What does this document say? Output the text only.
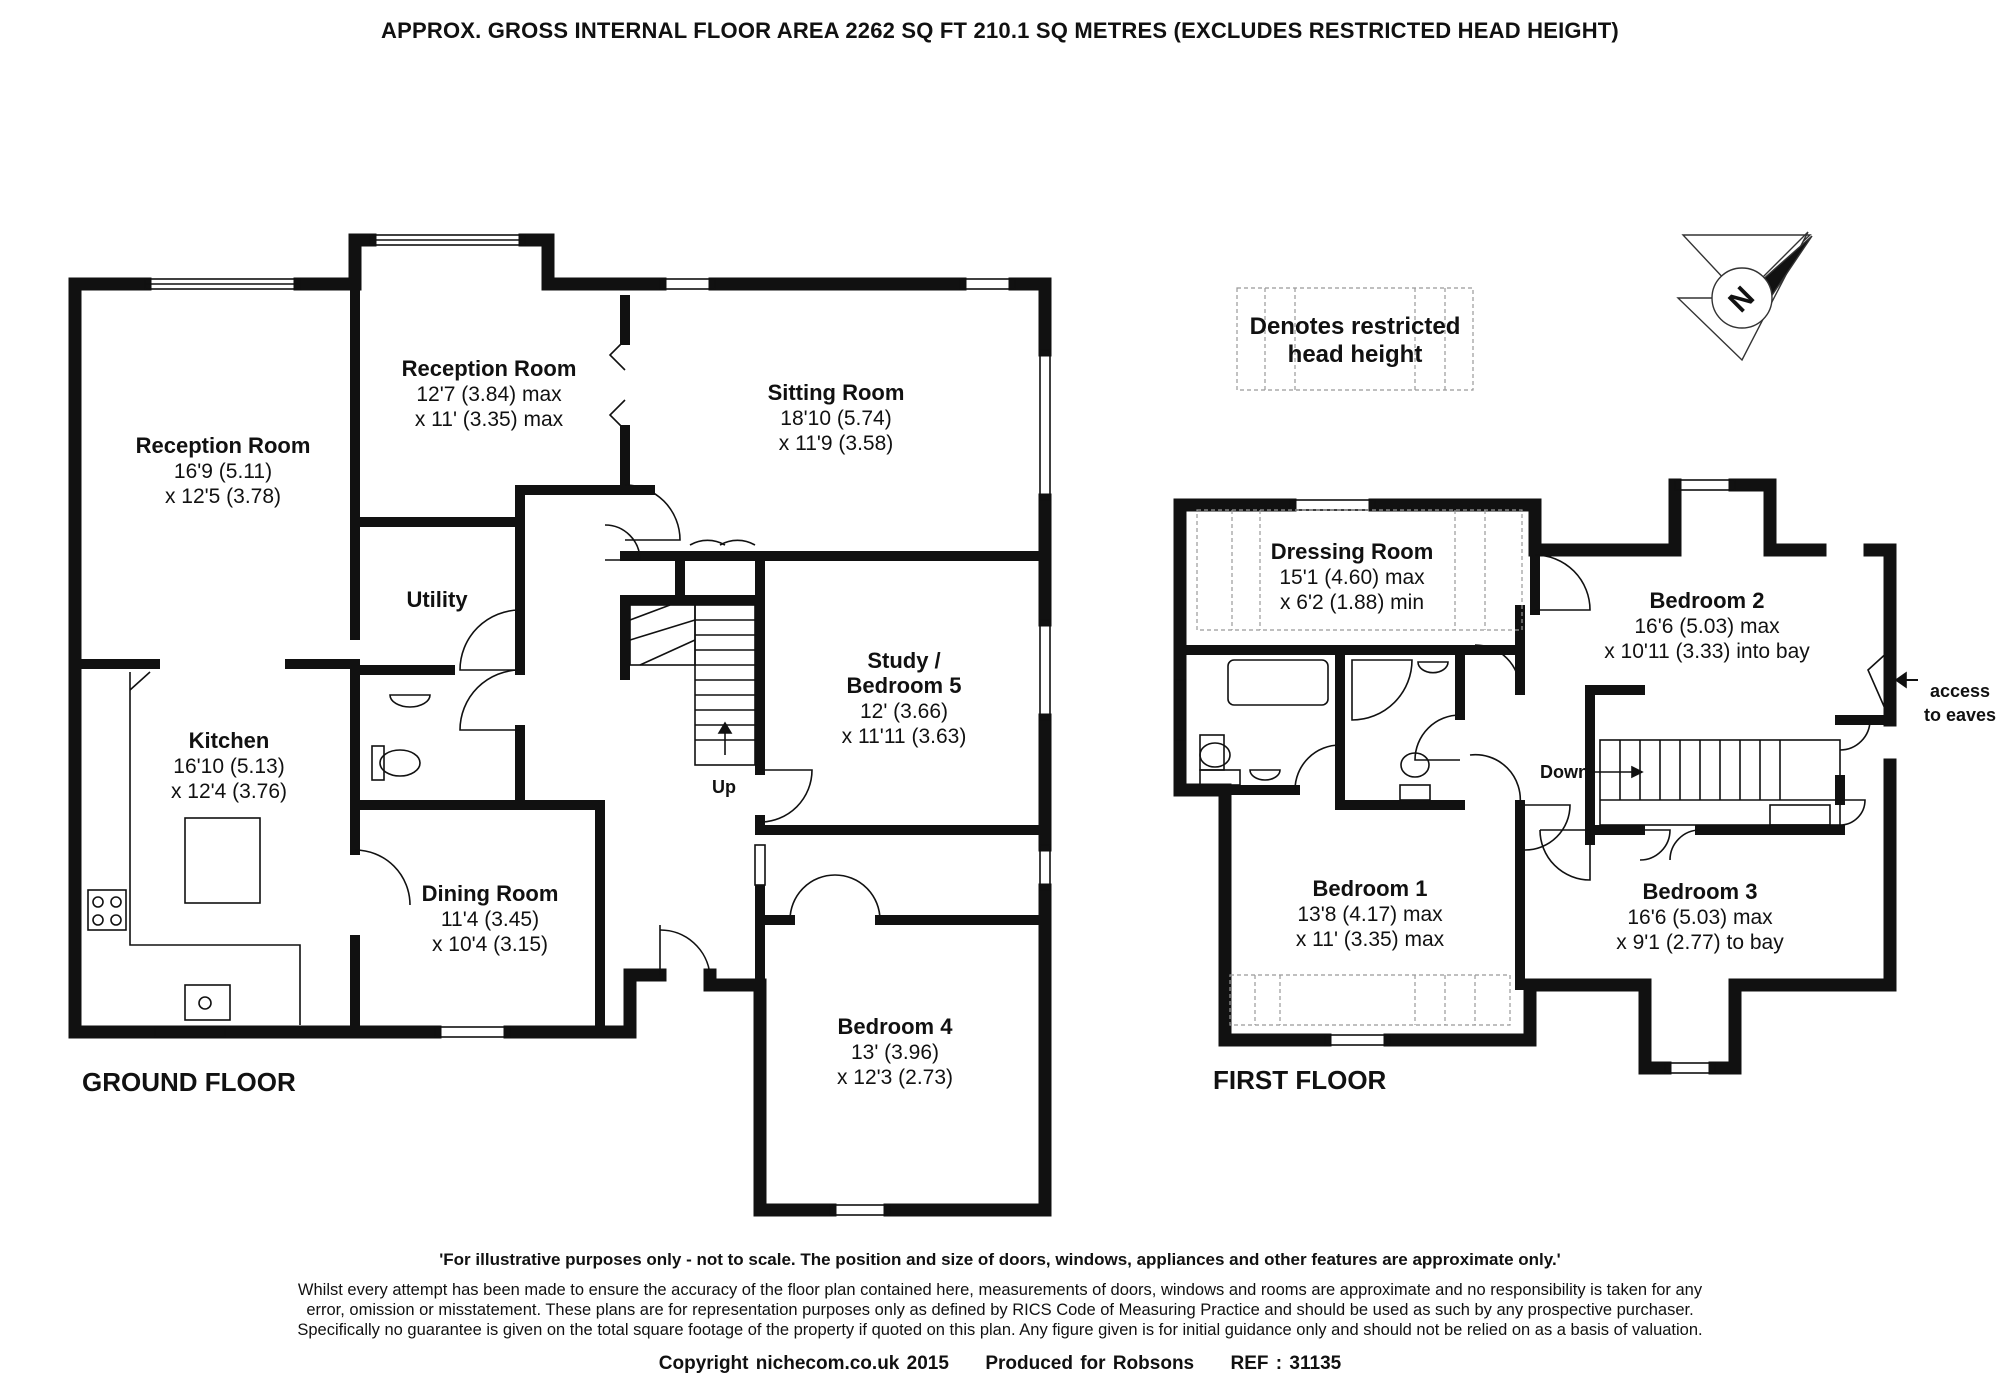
APPROX. GROSS INTERNAL FLOOR AREA 2262 SQ FT 210.1 SQ METRES (EXCLUDES RESTRICTED HEAD HEIGHT)
Reception Room
16'9 (5.11)
x 12'5 (3.78)
Reception Room
12'7 (3.84) max
x 11' (3.35) max
Sitting Room
18'10 (5.74)
x 11'9 (3.58)
Utility
Kitchen
16'10 (5.13)
x 12'4 (3.76)
Study /
Bedroom 5
12' (3.66)
x 11'11 (3.63)
Dining Room
11'4 (3.45)
x 10'4 (3.15)
Bedroom 4
13' (3.96)
x 12'3 (2.73)
Up
GROUND FLOOR
Dressing Room
15'1 (4.60) max
x 6'2 (1.88) min	Bedroom 2
16'6 (5.03) max
x 10'11 (3.33) into bay
Bedroom 1
13'8 (4.17) max
x 11' (3.35) max
Bedroom 3
16'6 (5.03) max
x 9'1 (2.77) to bay
Down
access
to eaves
FIRST FLOOR
Denotes restricted
head height
N
'For illustrative purposes only - not to scale. The position and size of doors, windows, appliances and other features are approximate only.'
Whilst every attempt has been made to ensure the accuracy of the floor plan contained here, measurements of doors, windows and rooms are approximate and no responsibility is taken for any
error, omission or misstatement. These plans are for representation purposes only as defined by RICS Code of Measuring Practice and should be used as such by any prospective purchaser.
Specifically no guarantee is given on the total square footage of the property if quoted on this plan. Any figure given is for initial guidance only and should not be relied on as a basis of valuation.
Copyright nichecom.co.uk 2015 Produced for Robsons REF : 31135
